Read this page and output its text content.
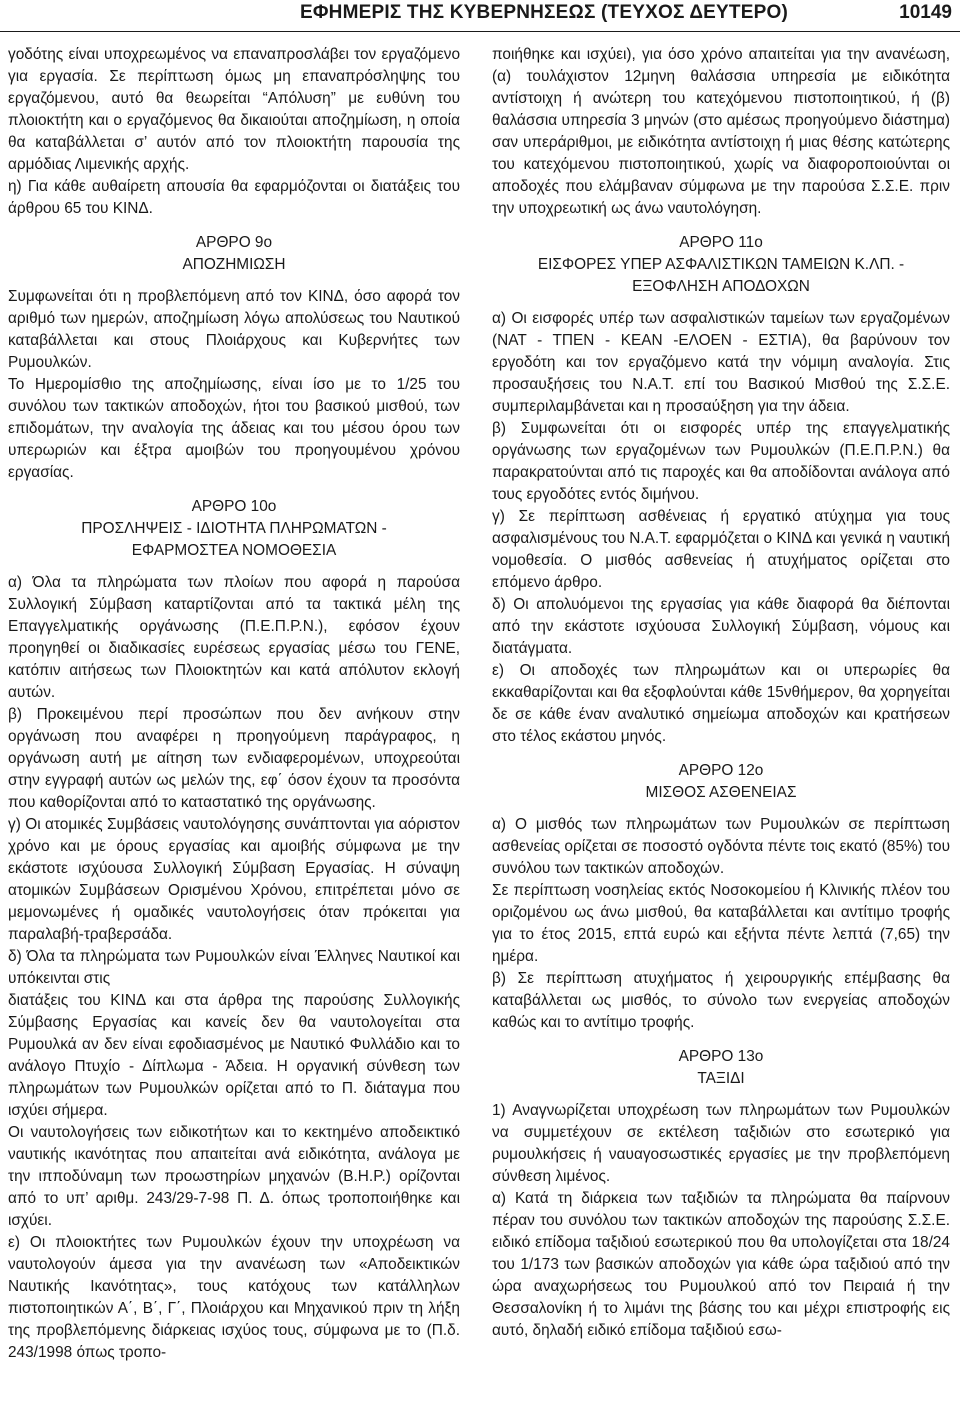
ΕΦΗΜΕΡΙΣ ΤΗΣ ΚΥΒΕΡΝΗΣΕΩΣ (ΤΕΥΧΟΣ ΔΕΥΤΕΡΟ)	10149

γοδότης είναι υποχρεωμένος να επαναπροσλάβει τον εργαζόμενο για εργασία. Σε περίπτωση όμως μη επαναπρόσληψης του εργαζόμενου, αυτό θα θεωρείται “Απόλυση” με ευθύνη του πλοιοκτήτη και ο εργαζόμενος θα δικαιούται αποζημίωση, η οποία θα καταβάλλεται σ’ αυτόν από τον πλοιοκτήτη παρουσία της αρμόδιας Λιμενικής αρχής.

η) Για κάθε αυθαίρετη απουσία θα εφαρμόζονται οι διατάξεις του άρθρου 65 του ΚΙΝΔ.

ΑΡΘΡΟ 9ο
ΑΠΟΖΗΜΙΩΣΗ

Συμφωνείται ότι η προβλεπόμενη από τον ΚΙΝΔ, όσο αφορά τον αριθμό των ημερών, αποζημίωση λόγω απολύσεως του Ναυτικού καταβάλλεται και στους Πλοιάρχους και Κυβερνήτες των Ρυμουλκών.

Το Ημερομίσθιο της αποζημίωσης, είναι ίσο με το 1/25 του συνόλου των τακτικών αποδοχών, ήτοι του βασικού μισθού, των επιδομάτων, την αναλογία της άδειας και του μέσου όρου των υπερωριών και έξτρα αμοιβών του προηγουμένου χρόνου εργασίας.

ΑΡΘΡΟ 10ο
ΠΡΟΣΛΗΨΕΙΣ - ΙΔΙΟΤΗΤΑ ΠΛΗΡΩΜΑΤΩΝ -
ΕΦΑΡΜΟΣΤΕΑ ΝΟΜΟΘΕΣΙΑ

α) Όλα τα πληρώματα των πλοίων που αφορά η παρούσα Συλλογική Σύμβαση καταρτίζονται από τα τακτικά μέλη της Επαγγελματικής οργάνωσης (Π.Ε.Π.Ρ.Ν.), εφόσον έχουν προηγηθεί οι διαδικασίες ευρέσεως εργασίας μέσω του ΓΕΝΕ, κατόπιν αιτήσεως των Πλοιοκτητών και κατά απόλυτον εκλογή αυτών.

β) Προκειμένου περί προσώπων που δεν ανήκουν στην οργάνωση που αναφέρει η προηγούμενη παράγραφος, η οργάνωση αυτή με αίτηση των ενδιαφερομένων, υποχρεούται στην εγγραφή αυτών ως μελών της, εφ΄ όσον έχουν τα προσόντα που καθορίζονται από το καταστατικό της οργάνωσης.

γ) Οι ατομικές Συμβάσεις ναυτολόγησης συνάπτονται για αόριστον χρόνο και με όρους εργασίας και αμοιβής σύμφωνα με την εκάστοτε ισχύουσα Συλλογική Σύμβαση Εργασίας. Η σύναψη ατομικών Συμβάσεων Ορισμένου Χρόνου, επιτρέπεται μόνο σε μεμονωμένες ή ομαδικές ναυτολογήσεις όταν πρόκειται για παραλαβή-τραβερσάδα.

δ) Όλα τα πληρώματα των Ρυμουλκών είναι Έλληνες Ναυτικοί και υπόκεινται στις

διατάξεις του ΚΙΝΔ και στα άρθρα της παρούσης Συλλογικής Σύμβασης Εργασίας και κανείς δεν θα ναυτολογείται στα Ρυμουλκά αν δεν είναι εφοδιασμένος με Ναυτικό Φυλλάδιο και το ανάλογο Πτυχίο - Δίπλωμα - Άδεια. Η οργανική σύνθεση των πληρωμάτων των Ρυμουλκών ορίζεται από το Π. διάταγμα που ισχύει σήμερα.

Οι ναυτολογήσεις των ειδικοτήτων και το κεκτημένο αποδεικτικό ναυτικής ικανότητας που απαιτείται ανά ειδικότητα, ανάλογα με την ιπποδύναμη των προωστηρίων μηχανών (Β.Η.Ρ.) ορίζονται από το υπ’ αριθμ. 243/29-7-98 Π. Δ. όπως τροποποιήθηκε και ισχύει.

ε) Οι πλοιοκτήτες των Ρυμουλκών έχουν την υποχρέωση να ναυτολογούν άμεσα για την ανανέωση των «Αποδεικτικών Ναυτικής Ικανότητας», τους κατόχους των κατάλληλων πιστοποιητικών Α΄, Β΄, Γ΄, Πλοιάρχου και Μηχανικού πριν τη λήξη της προβλεπόμενης διάρκειας ισχύος τους, σύμφωνα με το (Π.δ. 243/1998 όπως τροπο-

ποιήθηκε και ισχύει), για όσο χρόνο απαιτείται για την ανανέωση, (α) τουλάχιστον 12μηνη θαλάσσια υπηρεσία με ειδικότητα αντίστοιχη ή ανώτερη του κατεχόμενου πιστοποιητικού, ή (β) θαλάσσια υπηρεσία 3 μηνών (στο αμέσως προηγούμενο διάστημα) σαν υπεράριθμοι, με ειδικότητα αντίστοιχη ή μιας θέσης κατώτερης του κατεχόμενου πιστοποιητικού, χωρίς να διαφοροποιούνται οι αποδοχές που ελάμβαναν σύμφωνα με την παρούσα Σ.Σ.Ε. πριν την υποχρεωτική ως άνω ναυτολόγηση.

ΑΡΘΡΟ 11ο
ΕΙΣΦΟΡΕΣ ΥΠΕΡ ΑΣΦΑΛΙΣΤΙΚΩΝ ΤΑΜΕΙΩΝ Κ.ΛΠ. -
ΕΞΟΦΛΗΣΗ ΑΠΟΔΟΧΩΝ

α) Οι εισφορές υπέρ των ασφαλιστικών ταμείων των εργαζομένων (ΝΑΤ - ΤΠΕΝ - ΚΕΑΝ -ΕΛΟΕΝ - ΕΣΤΙΑ), θα βαρύνουν τον εργοδότη και τον εργαζόμενο κατά την νόμιμη αναλογία. Στις προσαυξήσεις του Ν.Α.Τ. επί του Βασικού Μισθού της Σ.Σ.Ε. συμπεριλαμβάνεται και η προσαύξηση για την άδεια.

β) Συμφωνείται ότι οι εισφορές υπέρ της επαγγελματικής οργάνωσης των εργαζομένων των Ρυμουλκών (Π.Ε.Π.Ρ.Ν.) θα παρακρατούνται από τις παροχές και θα αποδίδονται ανάλογα από τους εργοδότες εντός διμήνου.

γ) Σε περίπτωση ασθένειας ή εργατικό ατύχημα για τους ασφαλισμένους του Ν.Α.Τ. εφαρμόζεται ο ΚΙΝΔ και γενικά η ναυτική νομοθεσία. Ο μισθός ασθενείας ή ατυχήματος ορίζεται στο επόμενο άρθρο.

δ) Οι απολυόμενοι της εργασίας για κάθε διαφορά θα διέπονται από την εκάστοτε ισχύουσα Συλλογική Σύμβαση, νόμους και διατάγματα.

ε) Οι αποδοχές των πληρωμάτων και οι υπερωρίες θα εκκαθαρίζονται και θα εξοφλούνται κάθε 15νθήμερον, θα χορηγείται δε σε κάθε έναν αναλυτικό σημείωμα αποδοχών και κρατήσεων στο τέλος εκάστου μηνός.

ΑΡΘΡΟ 12ο
ΜΙΣΘΟΣ ΑΣΘΕΝΕΙΑΣ

α) Ο μισθός των πληρωμάτων των Ρυμουλκών σε περίπτωση ασθενείας ορίζεται σε ποσοστό ογδόντα πέντε τοις εκατό (85%) του συνόλου των τακτικών αποδοχών.

Σε περίπτωση νοσηλείας εκτός Νοσοκομείου ή Κλινικής πλέον του οριζομένου ως άνω μισθού, θα καταβάλλεται και αντίτιμο τροφής για το έτος 2015, επτά ευρώ και εξήντα πέντε λεπτά (7,65) την ημέρα.

β) Σε περίπτωση ατυχήματος ή χειρουργικής επέμβασης θα καταβάλλεται ως μισθός, το σύνολο των ενεργείας αποδοχών καθώς και το αντίτιμο τροφής.

ΑΡΘΡΟ 13ο
ΤΑΞΙΔΙ

1) Αναγνωρίζεται υποχρέωση των πληρωμάτων των Ρυμουλκών να συμμετέχουν σε εκτέλεση ταξιδιών στο εσωτερικό για ρυμουλκήσεις ή ναυαγοσωστικές εργασίες με την προβλεπόμενη σύνθεση λιμένος.

α) Κατά τη διάρκεια των ταξιδιών τα πληρώματα θα παίρνουν πέραν του συνόλου των τακτικών αποδοχών της παρούσης Σ.Σ.Ε. ειδικό επίδομα ταξιδιού εσωτερικού που θα υπολογίζεται στα 18/24 του 1/173 των βασικών αποδοχών για κάθε ώρα ταξιδιού από την ώρα αναχωρήσεως του Ρυμουλκού από τον Πειραιά ή την Θεσσαλονίκη ή το λιμάνι της βάσης του και μέχρι επιστροφής εις αυτό, δηλαδή ειδικό επίδομα ταξιδιού εσω-
